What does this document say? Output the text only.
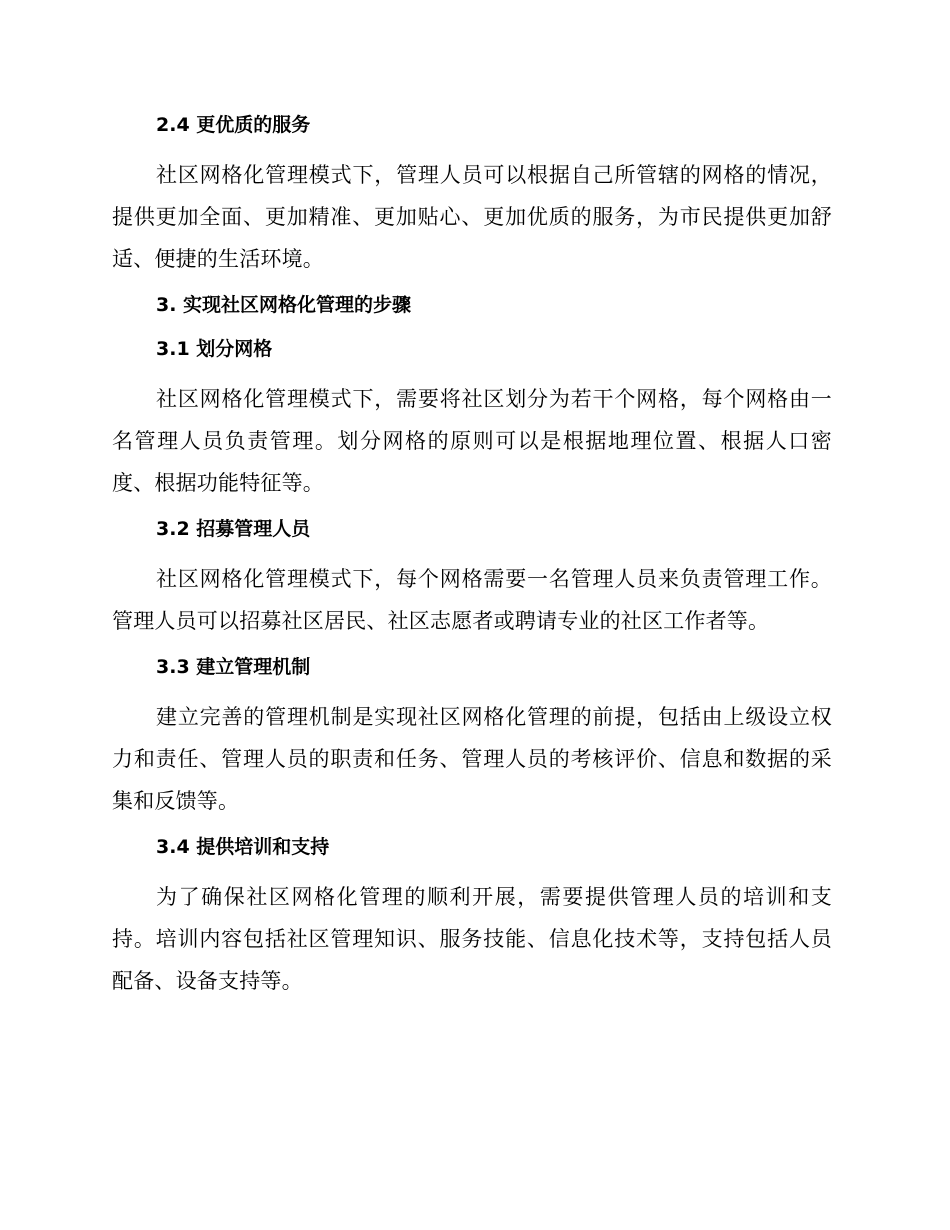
2.4 更优质的服务

社区网格化管理模式下，管理人员可以根据自己所管辖的网格的情况，提供更加全面、更加精准、更加贴心、更加优质的服务，为市民提供更加舒适、便捷的生活环境。

3. 实现社区网格化管理的步骤
3.1 划分网格

社区网格化管理模式下，需要将社区划分为若干个网格，每个网格由一名管理人员负责管理。划分网格的原则可以是根据地理位置、根据人口密度、根据功能特征等。

3.2 招募管理人员

社区网格化管理模式下，每个网格需要一名管理人员来负责管理工作。管理人员可以招募社区居民、社区志愿者或聘请专业的社区工作者等。

3.3 建立管理机制

建立完善的管理机制是实现社区网格化管理的前提，包括由上级设立权力和责任、管理人员的职责和任务、管理人员的考核评价、信息和数据的采集和反馈等。

3.4 提供培训和支持

为了确保社区网格化管理的顺利开展，需要提供管理人员的培训和支持。培训内容包括社区管理知识、服务技能、信息化技术等，支持包括人员配备、设备支持等。
